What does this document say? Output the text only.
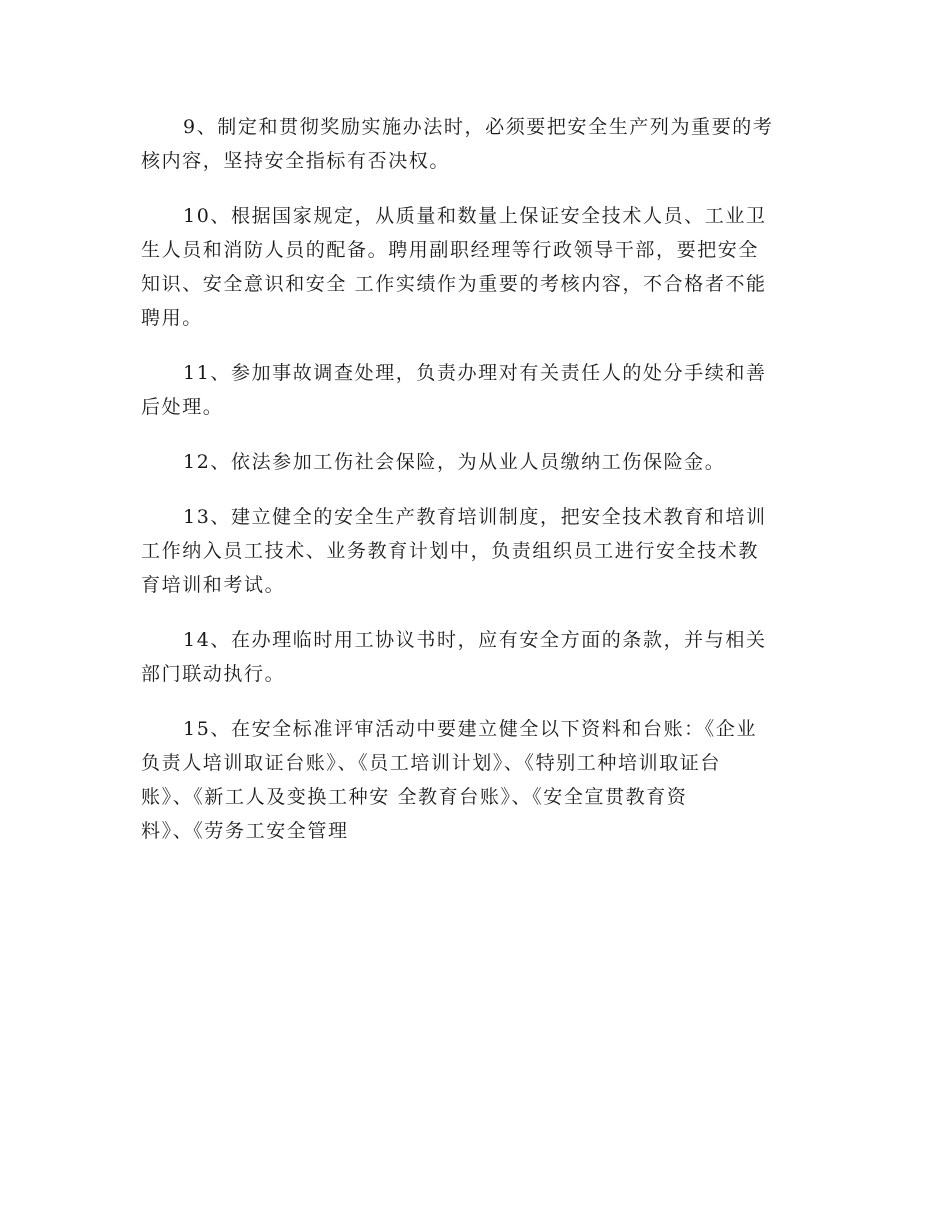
9、制定和贯彻奖励实施办法时，必须要把安全生产列为重要的考
核内容，坚持安全指标有否决权。

10、根据国家规定，从质量和数量上保证安全技术人员、工业卫
生人员和消防人员的配备。聘用副职经理等行政领导干部，要把安全
知识、安全意识和安全 工作实绩作为重要的考核内容，不合格者不能
聘用。

11、参加事故调查处理，负责办理对有关责任人的处分手续和善
后处理。

12、依法参加工伤社会保险，为从业人员缴纳工伤保险金。

13、建立健全的安全生产教育培训制度，把安全技术教育和培训
工作纳入员工技术、业务教育计划中，负责组织员工进行安全技术教
育培训和考试。

14、在办理临时用工协议书时，应有安全方面的条款，并与相关
部门联动执行。

15、在安全标准评审活动中要建立健全以下资料和台账：《企业
负责人培训取证台账》、《员工培训计划》、《特别工种培训取证台
账》、《新工人及变换工种安 全教育台账》、《安全宣贯教育资
料》、《劳务工安全管理
